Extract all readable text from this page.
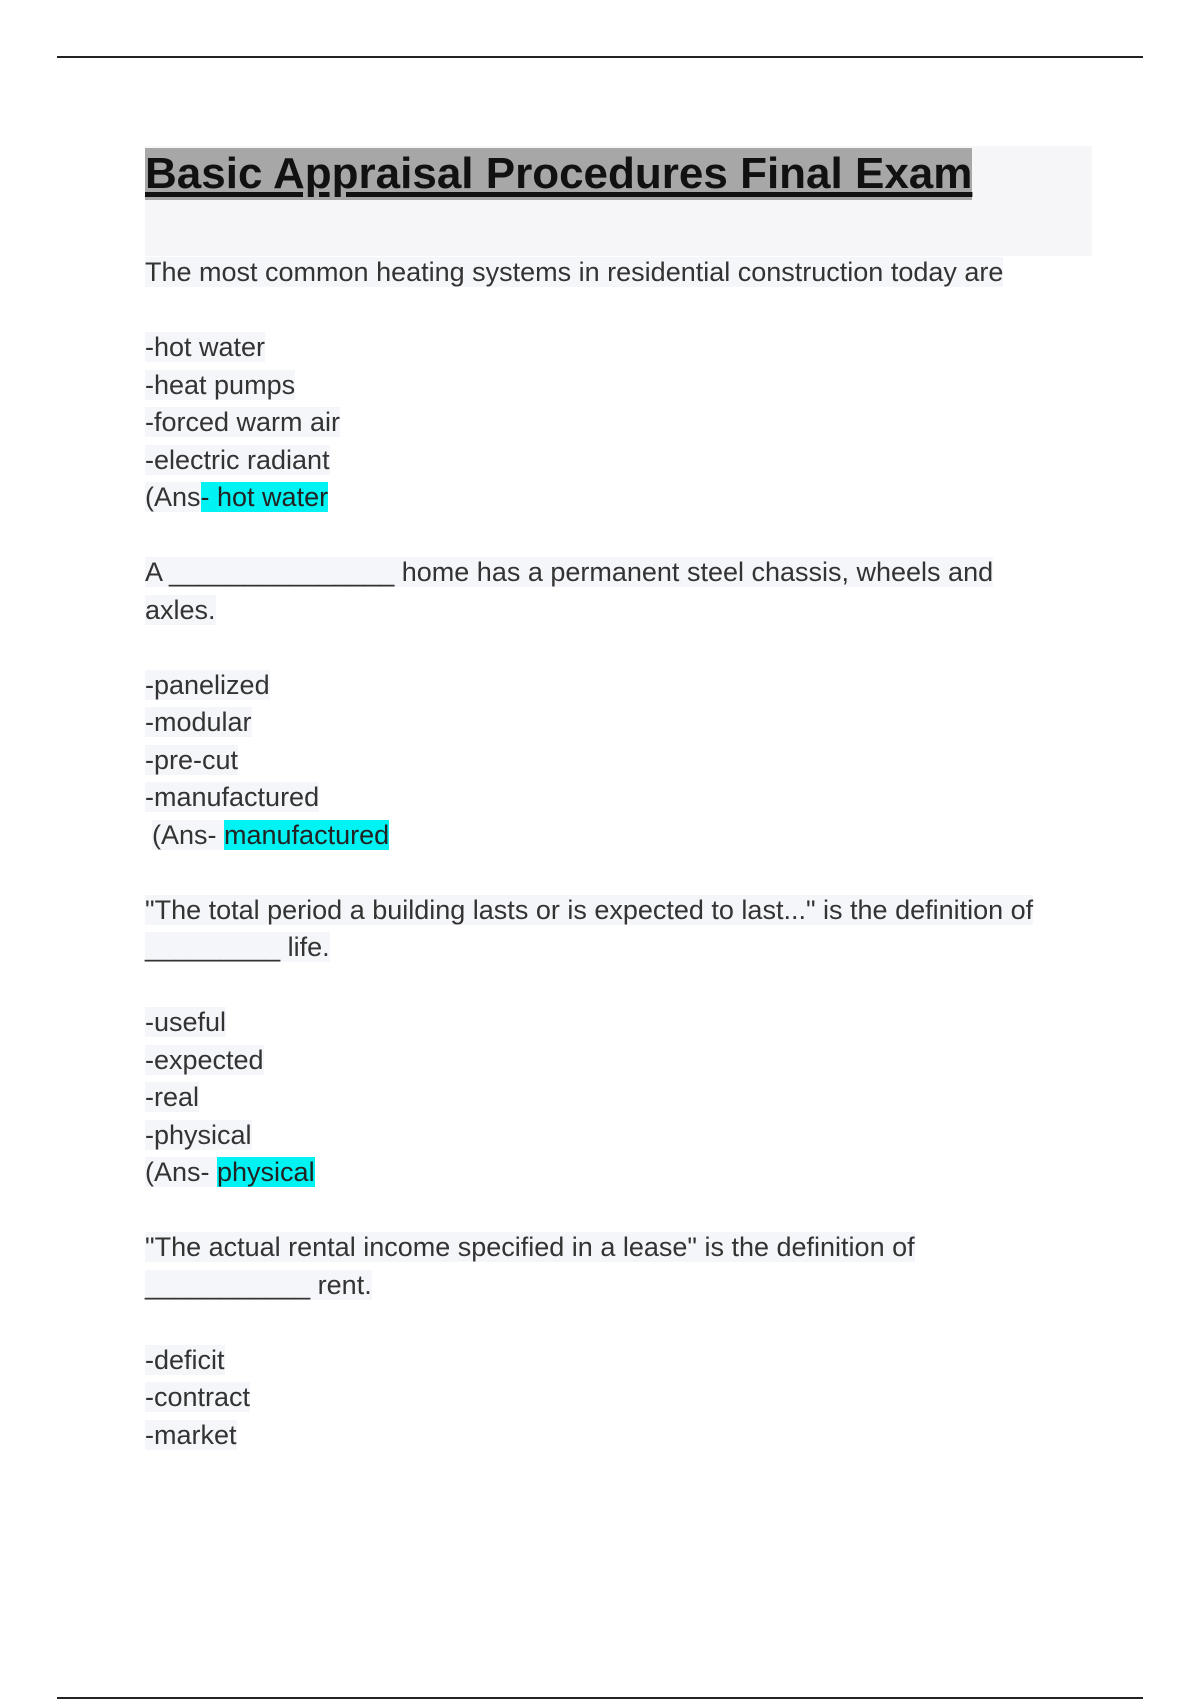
Basic Appraisal Procedures Final Exam

The most common heating systems in residential construction today are

-hot water
-heat pumps
-forced warm air
-electric radiant

(Ans- hot water

A _______________ home has a permanent steel chassis, wheels and
axles.

-panelized
-modular
-pre-cut
-manufactured

(Ans- manufactured

"The total period a building lasts or is expected to last..." is the definition of
_________ life.

-useful
-expected
-real
-physical

(Ans- physical

"The actual rental income specified in a lease" is the definition of
___________ rent.

-deficit
-contract
-market
